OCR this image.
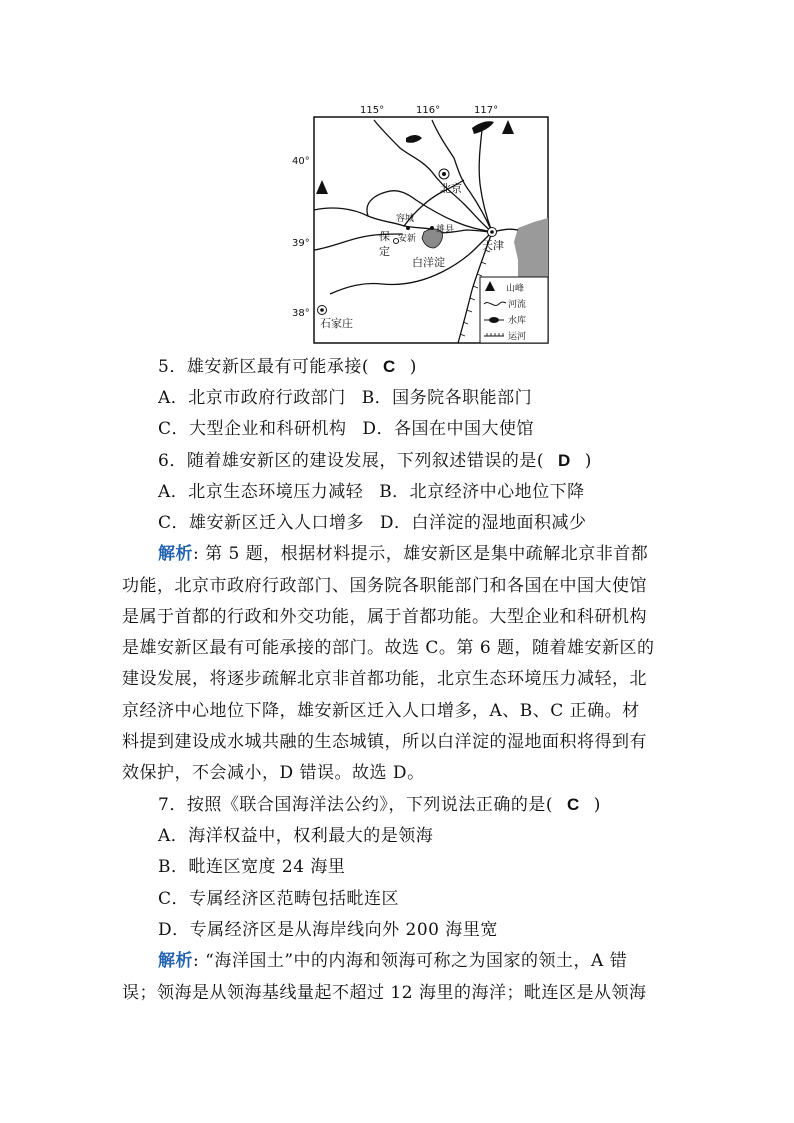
115°	116°	117°
40°
39°
38°
北京
天津
容城
安新
雄县
保
定
白洋淀
石家庄
山峰
河流
水库
运河
5．雄安新区最有可能承接( C )
A．北京市政府行政部门 B．国务院各职能部门
C．大型企业和科研机构 D．各国在中国大使馆
6．随着雄安新区的建设发展，下列叙述错误的是( D )
A．北京生态环境压力减轻 B．北京经济中心地位下降
C．雄安新区迁入人口增多 D．白洋淀的湿地面积减少
解析: 第 5 题，根据材料提示，雄安新区是集中疏解北京非首都
功能，北京市政府行政部门、国务院各职能部门和各国在中国大使馆
是属于首都的行政和外交功能，属于首都功能。大型企业和科研机构
是雄安新区最有可能承接的部门。故选 C。第 6 题，随着雄安新区的
建设发展，将逐步疏解北京非首都功能，北京生态环境压力减轻，北
京经济中心地位下降，雄安新区迁入人口增多，A、B、C 正确。材
料提到建设成水城共融的生态城镇，所以白洋淀的湿地面积将得到有
效保护，不会减小，D 错误。故选 D。
7．按照《联合国海洋法公约》，下列说法正确的是( C )
A．海洋权益中，权利最大的是领海
B．毗连区宽度 24 海里
C．专属经济区范畴包括毗连区
D．专属经济区是从海岸线向外 200 海里宽
解析: “海洋国土”中的内海和领海可称之为国家的领土，A 错
误；领海是从领海基线量起不超过 12 海里的海洋；毗连区是从领海
